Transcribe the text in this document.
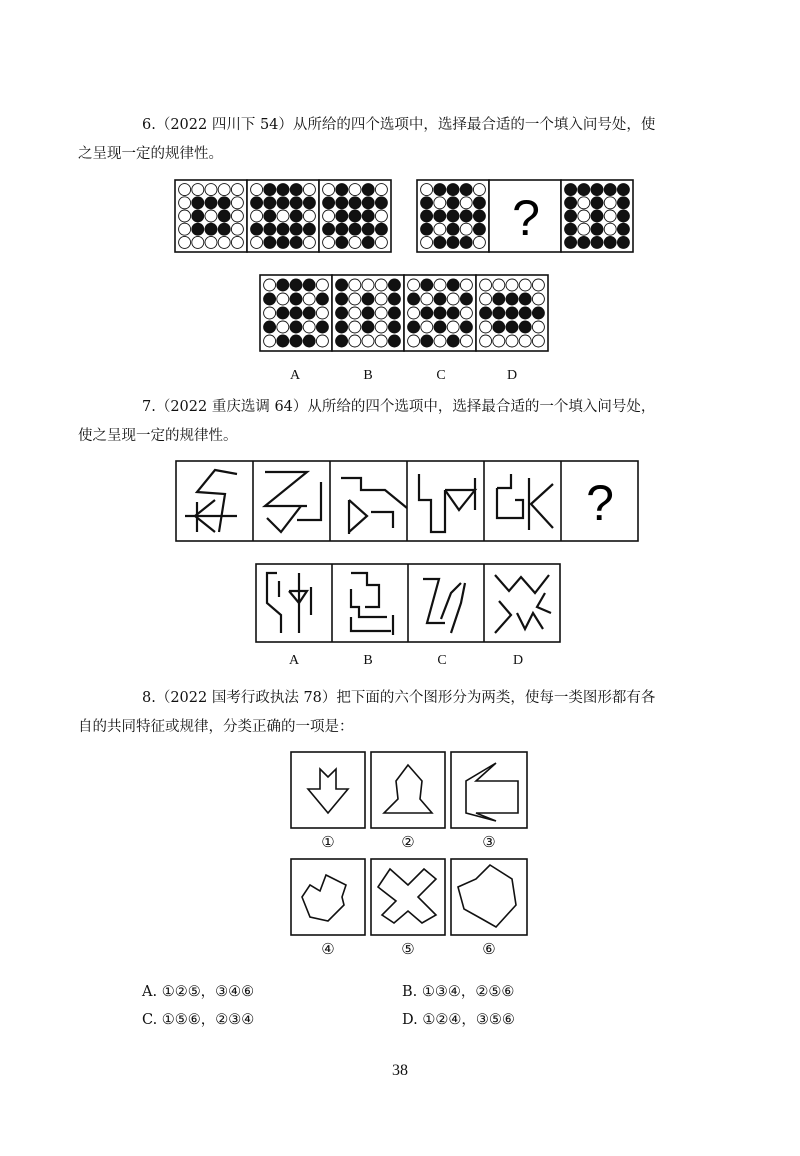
6.（2022 四川下 54）从所给的四个选项中，选择最合适的一个填入问号处，使
之呈现一定的规律性。

?
A	B	C	D

7.（2022 重庆选调 64）从所给的四个选项中，选择最合适的一个填入问号处，
使之呈现一定的规律性。

?
A	B	C	D

8.（2022 国考行政执法 78）把下面的六个图形分为两类，使每一类图形都有各
自的共同特征或规律，分类正确的一项是：

①	②	③
④	⑤	⑥
A. ①②⑤，③④⑥	B. ①③④，②⑤⑥
C. ①⑤⑥，②③④	D. ①②④，③⑤⑥
38
